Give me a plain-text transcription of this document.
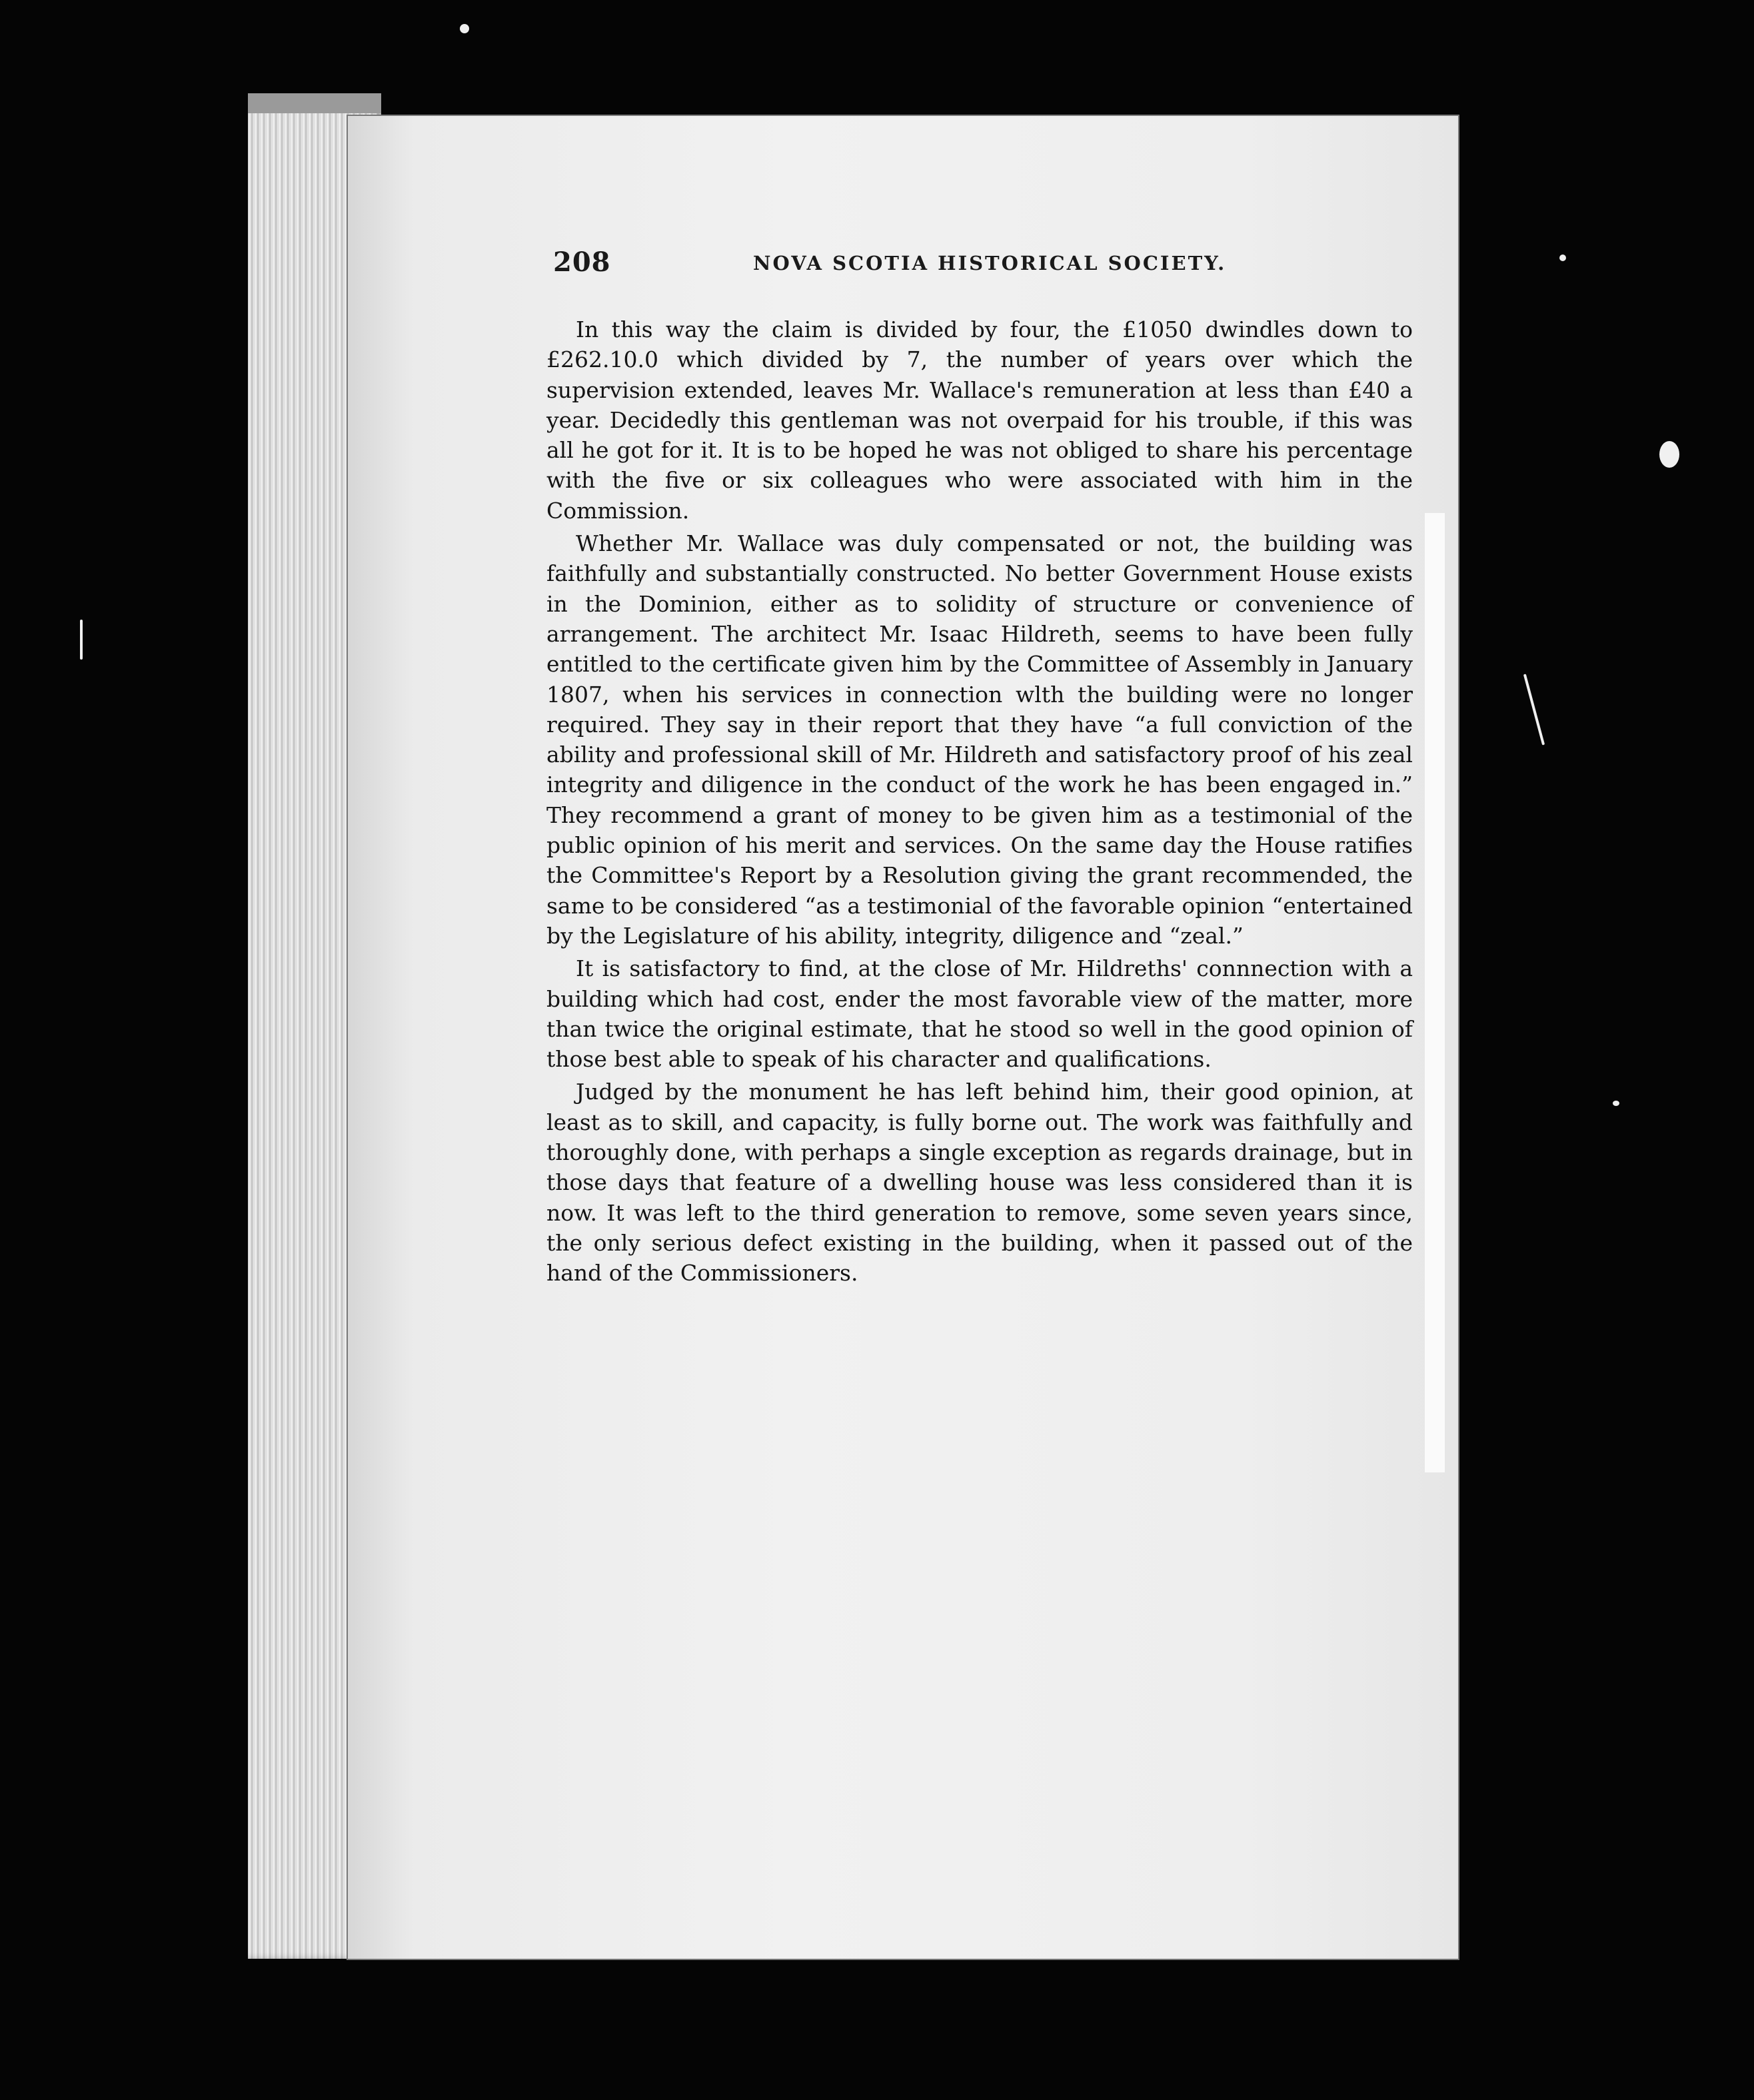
208	NOVA SCOTIA HISTORICAL SOCIETY.

In this way the claim is divided by four, the £1050 dwindles down to £262.10.0 which divided by 7, the number of years over which the supervision extended, leaves Mr. Wallace's remuneration at less than £40 a year. Decidedly this gentleman was not overpaid for his trouble, if this was all he got for it. It is to be hoped he was not obliged to share his percentage with the five or six colleagues who were associated with him in the Commission.

Whether Mr. Wallace was duly compensated or not, the building was faithfully and substantially constructed. No better Government House exists in the Dominion, either as to solidity of structure or convenience of arrangement. The architect Mr. Isaac Hildreth, seems to have been fully entitled to the certificate given him by the Committee of Assembly in January 1807, when his services in connection wlth the building were no longer required. They say in their report that they have “a full conviction of the ability and professional skill of Mr. Hildreth and satisfactory proof of his zeal integrity and diligence in the conduct of the work he has been engaged in.” They recommend a grant of money to be given him as a testimonial of the public opinion of his merit and services. On the same day the House ratifies the Committee's Report by a Resolution giving the grant recommended, the same to be considered “as a testimonial of the favorable opinion “entertained by the Legislature of his ability, integrity, diligence and “zeal.”

It is satisfactory to find, at the close of Mr. Hildreths' connnection with a building which had cost, ender the most favorable view of the matter, more than twice the original estimate, that he stood so well in the good opinion of those best able to speak of his character and qualifications.

Judged by the monument he has left behind him, their good opinion, at least as to skill, and capacity, is fully borne out. The work was faithfully and thoroughly done, with perhaps a single exception as regards drainage, but in those days that feature of a dwelling house was less considered than it is now. It was left to the third generation to remove, some seven years since, the only serious defect existing in the building, when it passed out of the hand of the Commissioners.
